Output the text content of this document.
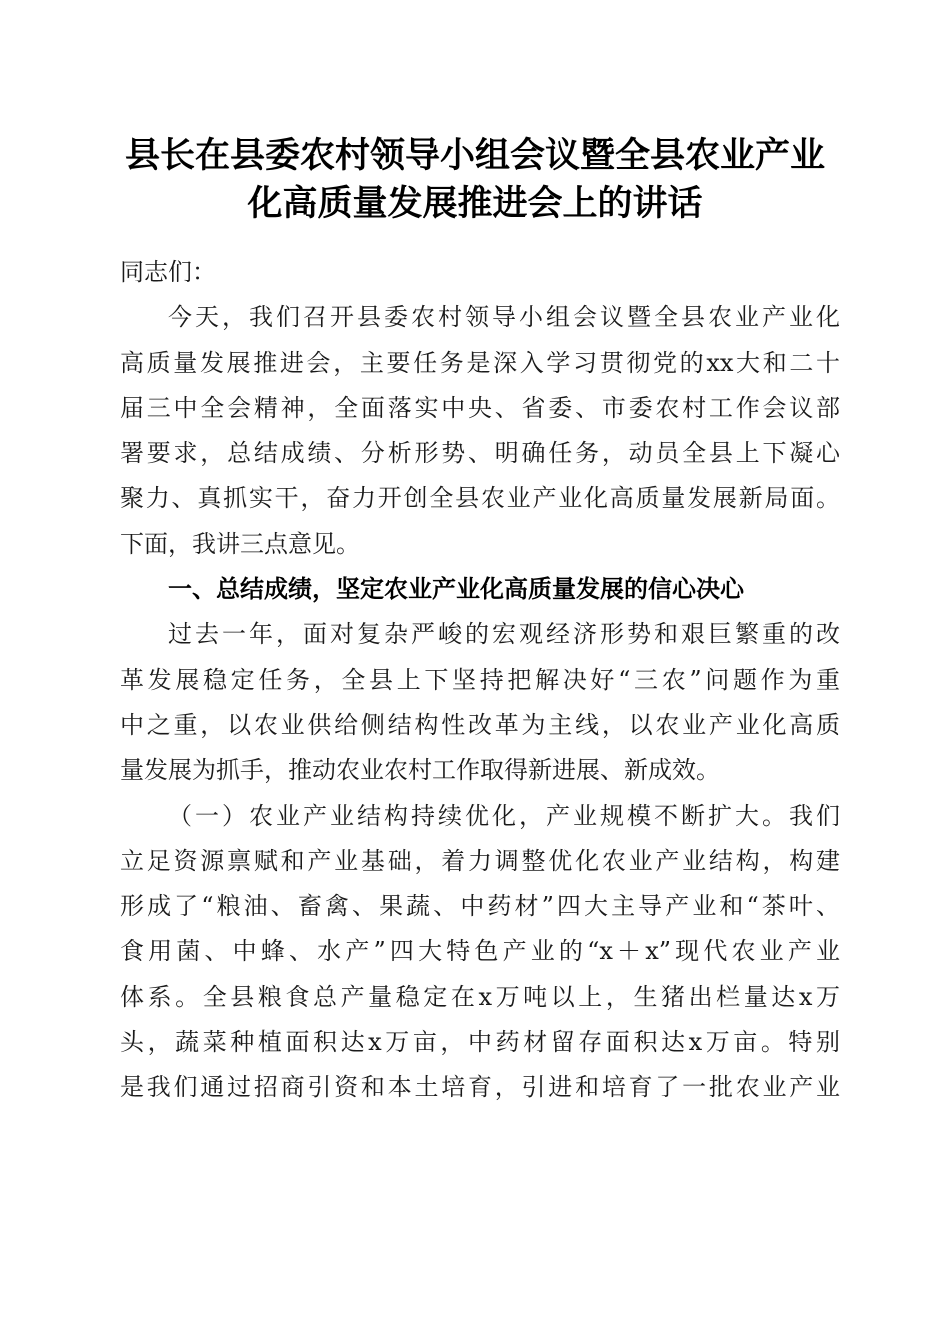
县长在县委农村领导小组会议暨全县农业产业
化高质量发展推进会上的讲话
同志们：
今天，我们召开县委农村领导小组会议暨全县农业产业化
高质量发展推进会，主要任务是深入学习贯彻党的xx大和二十
届三中全会精神，全面落实中央、省委、市委农村工作会议部
署要求，总结成绩、分析形势、明确任务，动员全县上下凝心
聚力、真抓实干，奋力开创全县农业产业化高质量发展新局面。
下面，我讲三点意见。
一、总结成绩，坚定农业产业化高质量发展的信心决心
过去一年，面对复杂严峻的宏观经济形势和艰巨繁重的改
革发展稳定任务，全县上下坚持把解决好“三农”问题作为重
中之重，以农业供给侧结构性改革为主线，以农业产业化高质
量发展为抓手，推动农业农村工作取得新进展、新成效。
（一）农业产业结构持续优化，产业规模不断扩大。我们
立足资源禀赋和产业基础，着力调整优化农业产业结构，构建
形成了“粮油、畜禽、果蔬、中药材”四大主导产业和“茶叶、
食用菌、中蜂、水产”四大特色产业的“x＋x”现代农业产业
体系。全县粮食总产量稳定在x万吨以上，生猪出栏量达x万
头，蔬菜种植面积达x万亩，中药材留存面积达x万亩。特别
是我们通过招商引资和本土培育，引进和培育了一批农业产业
